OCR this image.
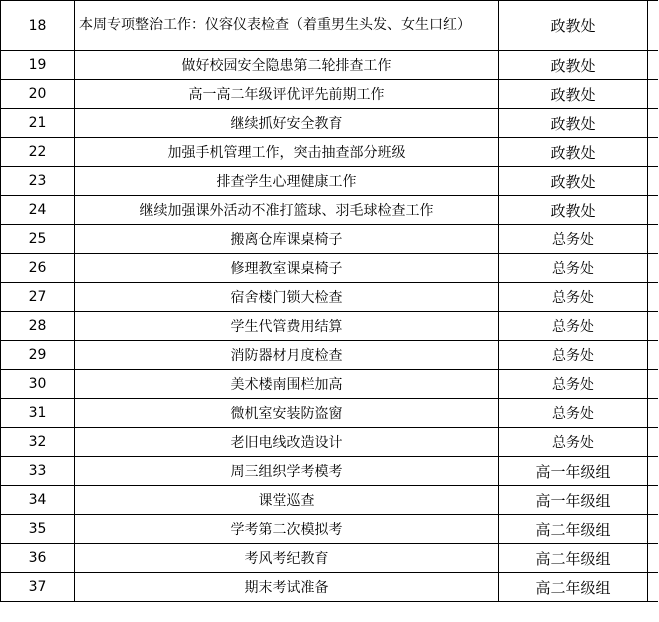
18	本周专项整治工作：仪容仪表检查（着重男生头发、女生口红）	政教处	
19	做好校园安全隐患第二轮排查工作	政教处	
20	高一高二年级评优评先前期工作	政教处	
21	继续抓好安全教育	政教处	
22	加强手机管理工作，突击抽查部分班级	政教处	
23	排查学生心理健康工作	政教处	
24	继续加强课外活动不准打篮球、羽毛球检查工作	政教处	
25	搬离仓库课桌椅子	总务处	
26	修理教室课桌椅子	总务处	
27	宿舍楼门锁大检查	总务处	
28	学生代管费用结算	总务处	
29	消防器材月度检查	总务处	
30	美术楼南围栏加高	总务处	
31	微机室安装防盗窗	总务处	
32	老旧电线改造设计	总务处	
33	周三组织学考模考	高一年级组	
34	课堂巡查	高一年级组	
35	学考第二次模拟考	高二年级组	
36	考风考纪教育	高二年级组	
37	期末考试准备	高二年级组	
